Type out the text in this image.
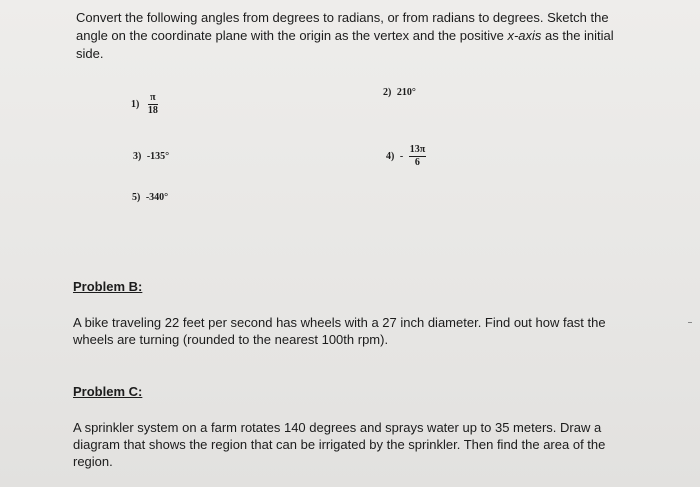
Convert the following angles from degrees to radians, or from radians to degrees. Sketch the angle on the coordinate plane with the origin as the vertex and the positive x-axis as the initial side.
$1) \frac{\pi}{18}$	2) 210°
3) -135°	$4) - \frac{13\pi}{6}$
5) -340°
Problem B:
A bike traveling 22 feet per second has wheels with a 27 inch diameter. Find out how fast the wheels are turning (rounded to the nearest 100th rpm).
Problem C:
A sprinkler system on a farm rotates 140 degrees and sprays water up to 35 meters. Draw a diagram that shows the region that can be irrigated by the sprinkler. Then find the area of the region.
